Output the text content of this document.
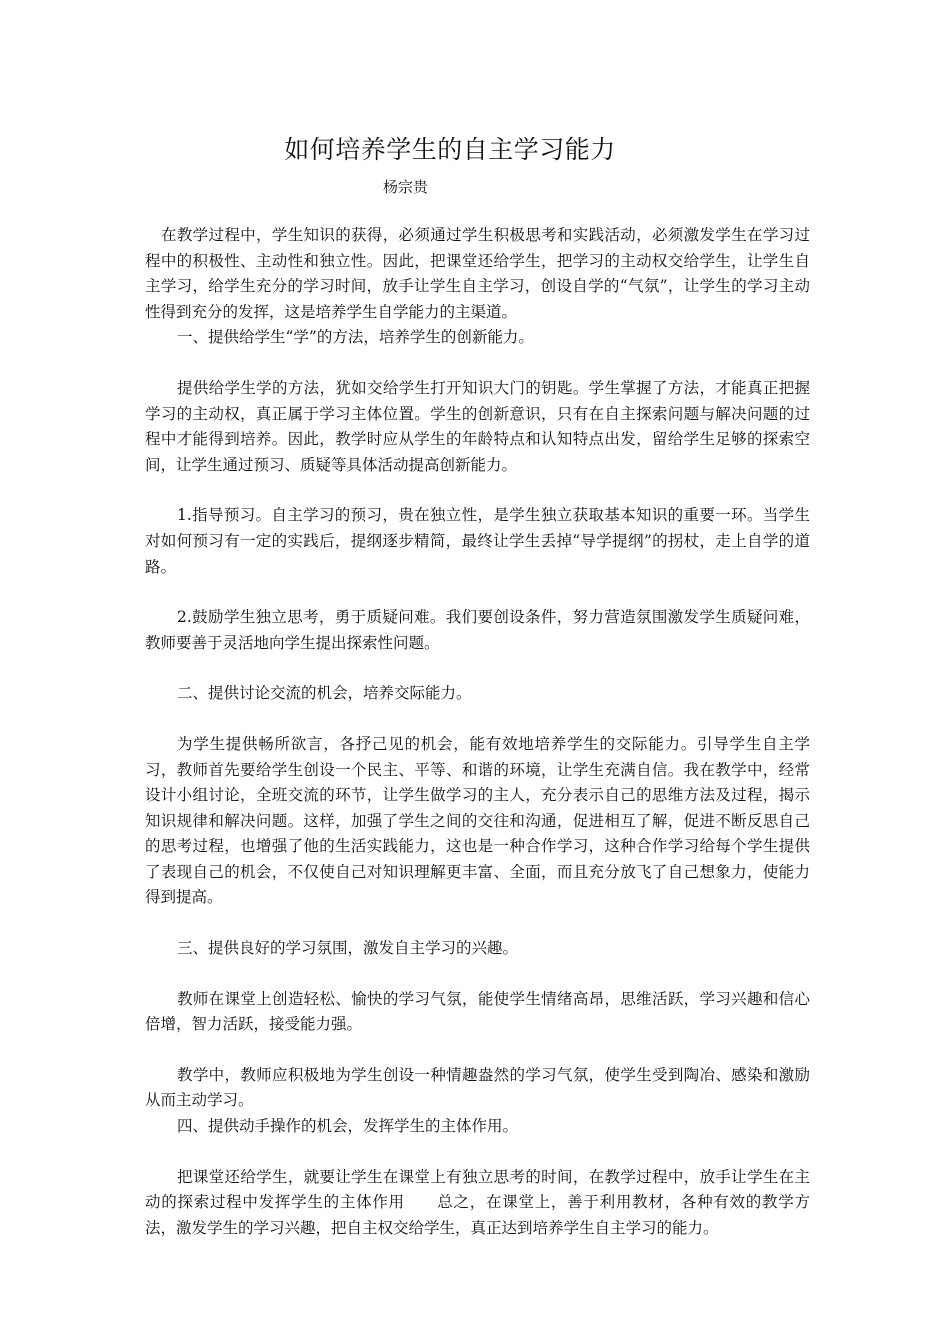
如何培养学生的自主学习能力
杨宗贵

在教学过程中，学生知识的获得，必须通过学生积极思考和实践活动，必须激发学生在学习过程中的积极性、主动性和独立性。因此，把课堂还给学生，把学习的主动权交给学生，让学生自主学习，给学生充分的学习时间，放手让学生自主学习，创设自学的“气氛”，让学生的学习主动性得到充分的发挥，这是培养学生自学能力的主渠道。

一、提供给学生“学”的方法，培养学生的创新能力。

提供给学生学的方法，犹如交给学生打开知识大门的钥匙。学生掌握了方法，才能真正把握学习的主动权，真正属于学习主体位置。学生的创新意识，只有在自主探索问题与解决问题的过程中才能得到培养。因此，教学时应从学生的年龄特点和认知特点出发，留给学生足够的探索空间，让学生通过预习、质疑等具体活动提高创新能力。

1.指导预习。自主学习的预习，贵在独立性，是学生独立获取基本知识的重要一环。当学生对如何预习有一定的实践后，提纲逐步精简，最终让学生丢掉“导学提纲”的拐杖，走上自学的道路。

2.鼓励学生独立思考，勇于质疑问难。我们要创设条件，努力营造氛围激发学生质疑问难，教师要善于灵活地向学生提出探索性问题。

二、提供讨论交流的机会，培养交际能力。

为学生提供畅所欲言，各抒己见的机会，能有效地培养学生的交际能力。引导学生自主学习，教师首先要给学生创设一个民主、平等、和谐的环境，让学生充满自信。我在教学中，经常设计小组讨论，全班交流的环节，让学生做学习的主人，充分表示自己的思维方法及过程，揭示知识规律和解决问题。这样，加强了学生之间的交往和沟通，促进相互了解，促进不断反思自己的思考过程，也增强了他的生活实践能力，这也是一种合作学习，这种合作学习给每个学生提供了表现自己的机会，不仅使自己对知识理解更丰富、全面，而且充分放飞了自己想象力，使能力得到提高。

三、提供良好的学习氛围，激发自主学习的兴趣。

教师在课堂上创造轻松、愉快的学习气氛，能使学生情绪高昂，思维活跃，学习兴趣和信心倍增，智力活跃，接受能力强。

教学中，教师应积极地为学生创设一种情趣盎然的学习气氛，使学生受到陶冶、感染和激励从而主动学习。

四、提供动手操作的机会，发挥学生的主体作用。

把课堂还给学生，就要让学生在课堂上有独立思考的时间，在教学过程中，放手让学生在主动的探索过程中发挥学生的主体作用　　总之，在课堂上，善于利用教材，各种有效的教学方法，激发学生的学习兴趣，把自主权交给学生，真正达到培养学生自主学习的能力。
